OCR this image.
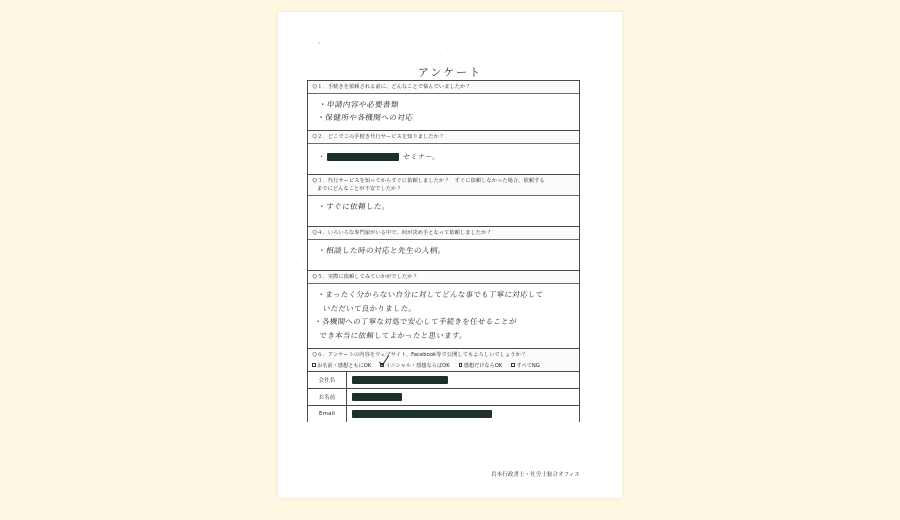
アンケート
Ｑ１．手続きを依頼される前に、どんなことで悩んでいましたか？
・申請内容や必要書類
・保健所や各機関への対応
Ｑ２．どこでこの手続き代行サービスを知りましたか？
・	セミナー。
Ｑ３．代行サービスを知ってからすぐに依頼しましたか？　すぐに依頼しなかった場合、依頼する
までにどんなことが不安でしたか？
・すぐに依頼した。
Ｑ４．いろいろな専門家がいる中で、何が決め手となって依頼しましたか？
・相談した時の対応と先生の人柄。
Ｑ５．実際に依頼してみていかがでしたか？
・まったく分からない自分に対してどんな事でも丁寧に対応して
いただいて良かりました。
・各機関への丁寧な対処で安心して手続きを任せることが
でき本当に依頼してよかったと思います。
Ｑ６．アンケートの内容をウェブサイト、Facebook等で公開してもよろしいでしょうか？
お名前・感想ともにOK	イニシャル・感想ならばOK	感想だけならOK	すべてNG
会社名
お名前
Email
岩本行政書士・社労士総合オフィス
